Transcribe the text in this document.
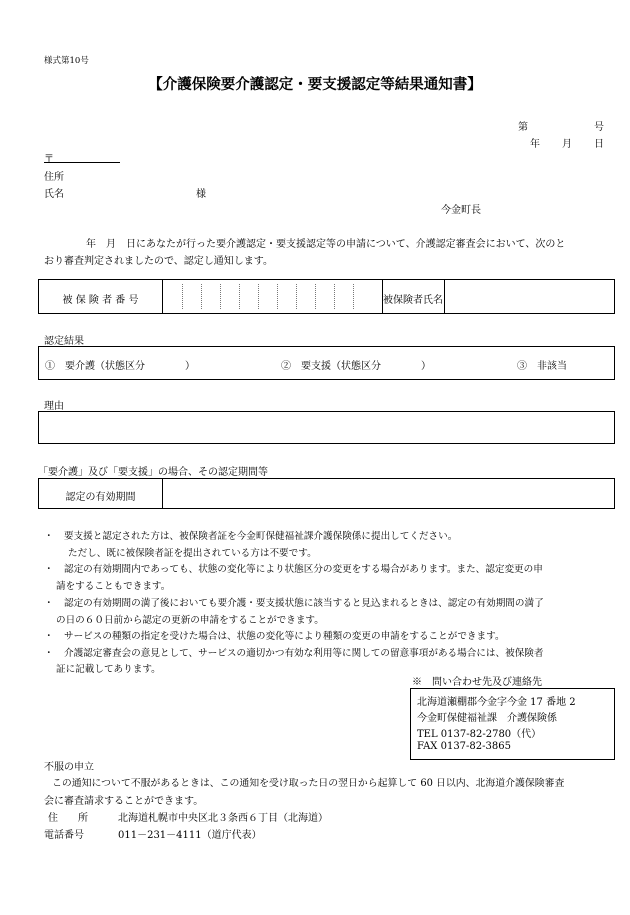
様式第10号
【介護保険要介護認定・要支援認定等結果通知書】
第	号
年 月 日
〒
住所
氏名	様
今金町長
年　月　日にあなたが行った要介護認定・要支援認定等の申請について、介護認定審査会において、次のと
おり審査判定されましたので、認定し通知します。
被 保 険 者 番 号	被保険者氏名
認定結果
①　要介護（状態区分　　　　）	②　要支援（状態区分　　　　）	③　非該当
理由
「要介護」及び「要支援」の場合、その認定期間等
認定の有効期間
・ 要支援と認定された方は、被保険者証を今金町保健福祉課介護保険係に提出してください。
ただし、既に被保険者証を提出されている方は不要です。
・ 認定の有効期間内であっても、状態の変化等により状態区分の変更をする場合があります。また、認定変更の申
請をすることもできます。
・ 認定の有効期間の満了後においても要介護・要支援状態に該当すると見込まれるときは、認定の有効期間の満了
の日の６０日前から認定の更新の申請をすることができます。
・ サービスの種類の指定を受けた場合は、状態の変化等により種類の変更の申請をすることができます。
・ 介護認定審査会の意見として、サービスの適切かつ有効な利用等に関しての留意事項がある場合には、被保険者
証に記載してあります。
※　問い合わせ先及び連絡先
北海道瀬棚郡今金字今金 17 番地 2
今金町保健福祉課　介護保険係
TEL 0137-82-2780（代）
FAX 0137-82-3865
不服の申立
この通知について不服があるときは、この通知を受け取った日の翌日から起算して 60 日以内、北海道介護保険審査
会に審査請求することができます。
住　　所	北海道札幌市中央区北３条西６丁目（北海道）
電話番号	011－231－4111（道庁代表）
